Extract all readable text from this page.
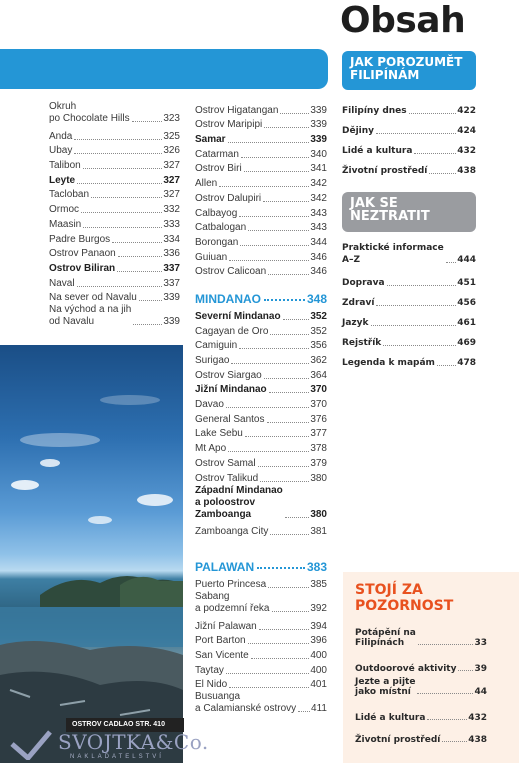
Obsah
Okruh
po Chocolate Hills	323
Anda	325
Ubay	326
Talibon	327
Leyte	327
Tacloban	327
Ormoc	332
Maasin	333
Padre Burgos	334
Ostrov Panaon	336
Ostrov Biliran	337
Naval	337
Na sever od Navalu	339
Na východ a na jih
od Navalu	339
Ostrov Higatangan	339
Ostrov Maripipi	339
Samar	339
Catarman	340
Ostrov Biri	341
Allen	342
Ostrov Dalupiri	342
Calbayog	343
Catbalogan	343
Borongan	344
Guiuan	346
Ostrov Calicoan	346
MINDANAO	348
Severní Mindanao	352
Cagayan de Oro	352
Camiguin	356
Surigao	362
Ostrov Siargao	364
Jižní Mindanao	370
Davao	370
General Santos	376
Lake Sebu	377
Mt Apo	378
Ostrov Samal	379
Ostrov Talikud	380
Západní Mindanao
a poloostrov
Zamboanga	380
Zamboanga City	381
PALAWAN	383
Puerto Princesa	385
Sabang
a podzemní řeka	392
Jižní Palawan	394
Port Barton	396
San Vicente	400
Taytay	400
El Nido	401
Busuanga
a Calamianské ostrovy 411
JAK POROZUMĚT
FILIPÍNÁM
Filipíny dnes	422
Dějiny	424
Lidé a kultura	432
Životní prostředí	438
JAK SE
NEZTRATIT
Praktické informace
A–Z	444
Doprava	451
Zdraví	456
Jazyk	461
Rejstřík	469
Legenda k mapám 478
STOJÍ ZA
POZORNOST
Potápění na
Filipínách	33
Outdoorové aktivity 39
Jezte a pijte
jako místní	44
Lidé a kultura	432
Životní prostředí	438
OSTROV CADLAO STR. 410
SVOJTKA&Co.
NAKLADATELSTVÍ
